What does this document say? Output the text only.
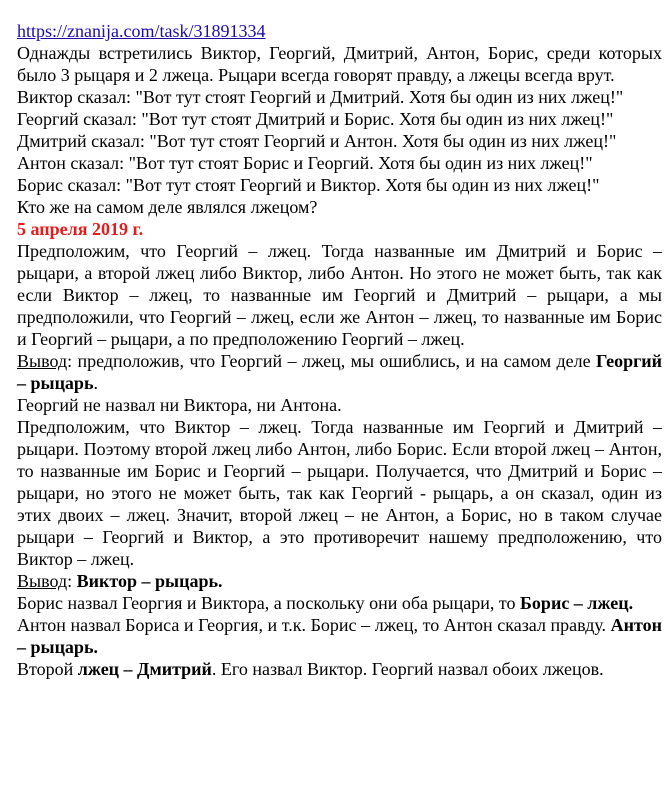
https://znanija.com/task/31891334

Однажды встретились Виктор, Георгий, Дмитрий, Антон, Борис, среди которых было 3 рыцаря и 2 лжеца. Рыцари всегда говорят правду, а лжецы всегда врут.

Виктор сказал: "Вот тут стоят Георгий и Дмитрий. Хотя бы один из них лжец!"

Георгий сказал: "Вот тут стоят Дмитрий и Борис. Хотя бы один из них лжец!"

Дмитрий сказал: "Вот тут стоят Георгий и Антон. Хотя бы один из них лжец!"

Антон сказал: "Вот тут стоят Борис и Георгий. Хотя бы один из них лжец!"

Борис сказал: "Вот тут стоят Георгий и Виктор. Хотя бы один из них лжец!"

Кто же на самом деле являлся лжецом?

5 апреля 2019 г.

Предположим, что Георгий – лжец. Тогда названные им Дмитрий и Борис – рыцари, а второй лжец либо Виктор, либо Антон. Но этого не может быть, так как если Виктор – лжец, то названные им Георгий и Дмитрий – рыцари, а мы предположили, что Георгий – лжец, если же Антон – лжец, то названные им Борис и Георгий – рыцари, а по предположению Георгий – лжец.

Вывод: предположив, что Георгий – лжец, мы ошиблись, и на самом деле Георгий – рыцарь.

Георгий не назвал ни Виктора, ни Антона.

Предположим, что Виктор – лжец. Тогда названные им Георгий и Дмитрий – рыцари. Поэтому второй лжец либо Антон, либо Борис. Если второй лжец – Антон, то названные им Борис и Георгий – рыцари. Получается, что Дмитрий и Борис – рыцари, но этого не может быть, так как Георгий - рыцарь, а он сказал, один из этих двоих – лжец. Значит, второй лжец – не Антон, а Борис, но в таком случае рыцари – Георгий и Виктор, а это противоречит нашему предположению, что Виктор – лжец.

Вывод: Виктор – рыцарь.

Борис назвал Георгия и Виктора, а поскольку они оба рыцари, то Борис – лжец.

Антон назвал Бориса и Георгия, и т.к. Борис – лжец, то Антон сказал правду. Антон – рыцарь.

Второй лжец – Дмитрий. Его назвал Виктор. Георгий назвал обоих лжецов.
